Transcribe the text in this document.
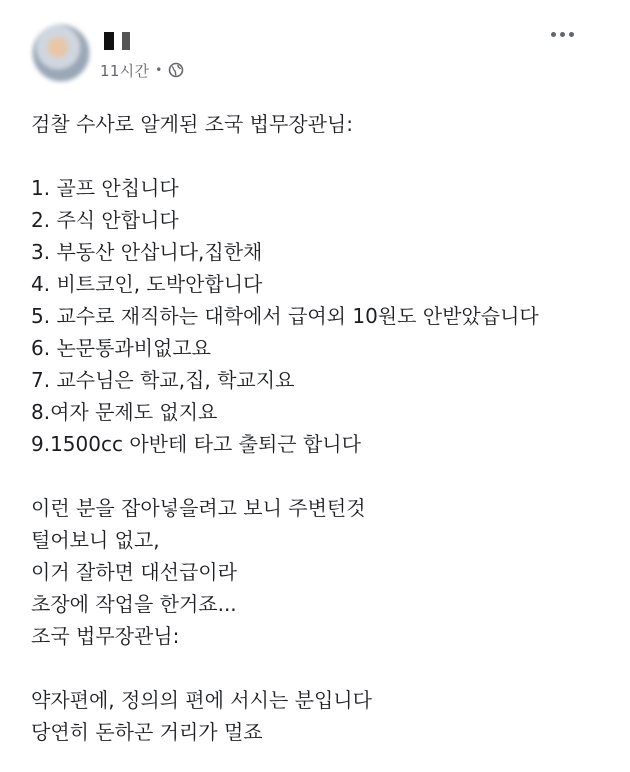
11시간 •
검찰 수사로 알게된 조국 법무장관님:
1. 골프 안칩니다
2. 주식 안합니다
3. 부동산 안삽니다,집한채
4. 비트코인, 도박안합니다
5. 교수로 재직하는 대학에서 급여외 10원도 안받았습니다
6. 논문통과비없고요
7. 교수님은 학교,집, 학교지요
8.여자 문제도 없지요
9.1500cc 아반테 타고 출퇴근 합니다
이런 분을 잡아넣을려고 보니 주변턴것
털어보니 없고,
이거 잘하면 대선급이라
초장에 작업을 한거죠...
조국 법무장관님:
약자편에, 정의의 편에 서시는 분입니다
당연히 돈하곤 거리가 멀죠
